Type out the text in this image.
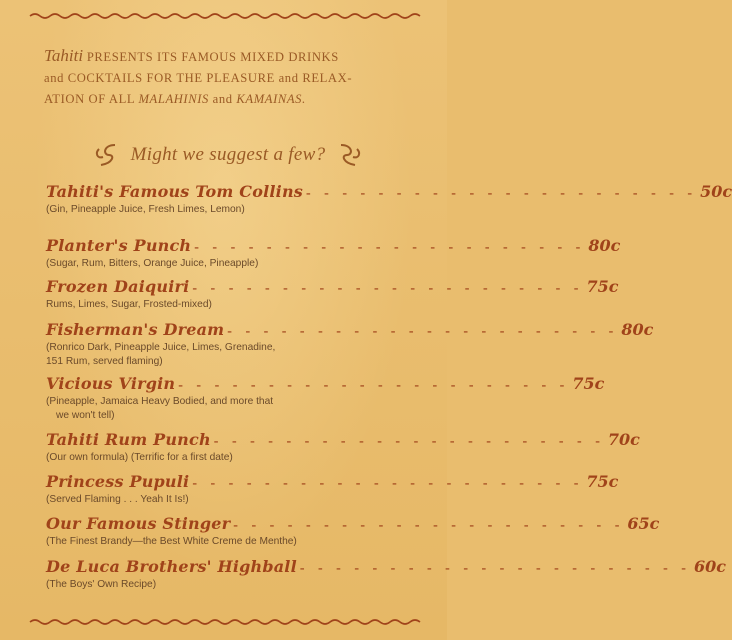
Tahiti PRESENTS ITS FAMOUS MIXED DRINKS
and COCKTAILS FOR THE PLEASURE and RELAX-
ATION OF ALL MALAHINIS and KAMAINAS.
Might we suggest a few?
Tahiti's Famous Tom Collins - - - - - - - - - - - - - - - - - - - - - - 50c
(Gin, Pineapple Juice, Fresh Limes, Lemon)
Planter's Punch - - - - - - - - - - - - - - - - - - - - - - 80c
(Sugar, Rum, Bitters, Orange Juice, Pineapple)
Frozen Daiquiri - - - - - - - - - - - - - - - - - - - - - - 75c
Rums, Limes, Sugar, Frosted-mixed)
Fisherman's Dream - - - - - - - - - - - - - - - - - - - - - - 80c
(Ronrico Dark, Pineapple Juice, Limes, Grenadine,
151 Rum, served flaming)
Vicious Virgin - - - - - - - - - - - - - - - - - - - - - - 75c
(Pineapple, Jamaica Heavy Bodied, and more that

we won't tell)
Tahiti Rum Punch - - - - - - - - - - - - - - - - - - - - - - 70c
(Our own formula) (Terrific for a first date)
Princess Pupuli - - - - - - - - - - - - - - - - - - - - - - 75c
(Served Flaming . . . Yeah It Is!)
Our Famous Stinger - - - - - - - - - - - - - - - - - - - - - - 65c
(The Finest Brandy—the Best White Creme de Menthe)
De Luca Brothers' Highball - - - - - - - - - - - - - - - - - - - - - - 60c
(The Boys' Own Recipe)
